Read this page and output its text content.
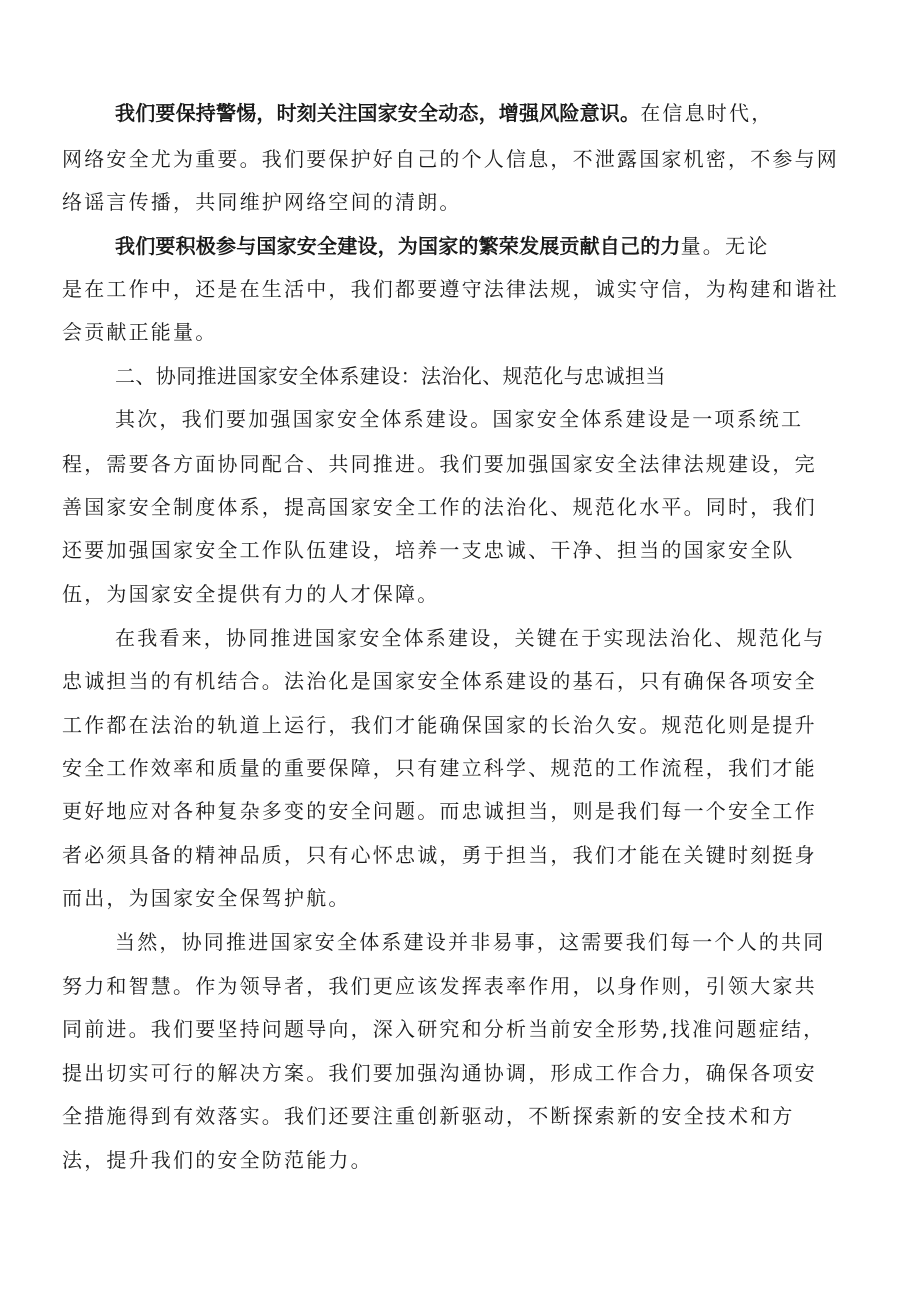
我们要保持警惕，时刻关注国家安全动态，增强风险意识。在信息时代，
网络安全尤为重要。我们要保护好自己的个人信息，不泄露国家机密，不参与网
络谣言传播，共同维护网络空间的清朗。
我们要积极参与国家安全建设，为国家的繁荣发展贡献自己的力量。无论
是在工作中，还是在生活中，我们都要遵守法律法规，诚实守信，为构建和谐社
会贡献正能量。
二、协同推进国家安全体系建设：法治化、规范化与忠诚担当
其次，我们要加强国家安全体系建设。国家安全体系建设是一项系统工
程，需要各方面协同配合、共同推进。我们要加强国家安全法律法规建设，完
善国家安全制度体系，提高国家安全工作的法治化、规范化水平。同时，我们
还要加强国家安全工作队伍建设，培养一支忠诚、干净、担当的国家安全队
伍，为国家安全提供有力的人才保障。
在我看来，协同推进国家安全体系建设，关键在于实现法治化、规范化与
忠诚担当的有机结合。法治化是国家安全体系建设的基石，只有确保各项安全
工作都在法治的轨道上运行，我们才能确保国家的长治久安。规范化则是提升
安全工作效率和质量的重要保障，只有建立科学、规范的工作流程，我们才能
更好地应对各种复杂多变的安全问题。而忠诚担当，则是我们每一个安全工作
者必须具备的精神品质，只有心怀忠诚，勇于担当，我们才能在关键时刻挺身
而出，为国家安全保驾护航。
当然，协同推进国家安全体系建设并非易事，这需要我们每一个人的共同
努力和智慧。作为领导者，我们更应该发挥表率作用，以身作则，引领大家共
同前进。我们要坚持问题导向，深入研究和分析当前安全形势,找准问题症结，
提出切实可行的解决方案。我们要加强沟通协调，形成工作合力，确保各项安
全措施得到有效落实。我们还要注重创新驱动，不断探索新的安全技术和方
法，提升我们的安全防范能力。
